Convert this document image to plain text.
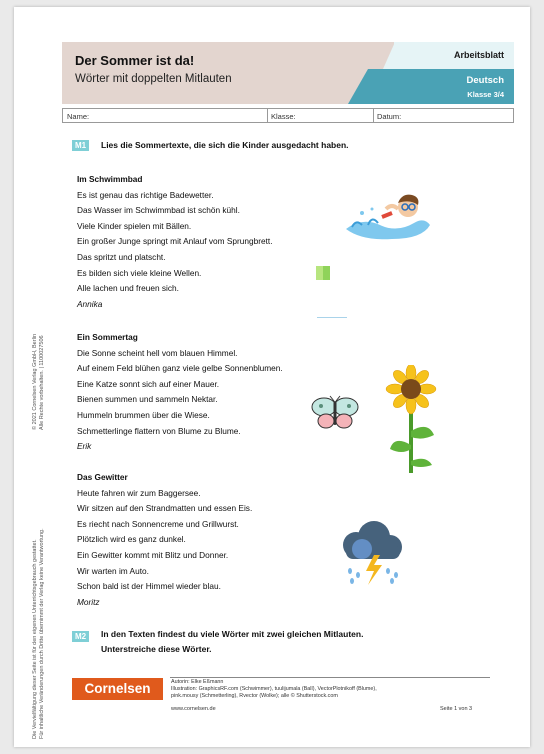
Der Sommer ist da!
Wörter mit doppelten Mitlauten
Arbeitsblatt
Deutsch
Klasse 3/4
Name:	Klasse:	Datum:
© 2021 Cornelsen Verlag GmbH, Berlin Alle Rechte vorbehalten. | 1100027506
Die Vervielfältigung dieser Seite ist für den eigenen Unterrichtsgebrauch gestattet. Für inhaltliche Veränderungen durch Dritte übernimmt der Verlag keine Verantwortung.
M1	Lies die Sommertexte, die sich die Kinder ausgedacht haben.
Im Schwimmbad
Es ist genau das richtige Badewetter.
Das Wasser im Schwimmbad ist schön kühl.
Viele Kinder spielen mit Bällen.
Ein großer Junge springt mit Anlauf vom Sprungbrett.
Das spritzt und platscht.
Es bilden sich viele kleine Wellen.
Alle lachen und freuen sich.
Annika
Ein Sommertag
Die Sonne scheint hell vom blauen Himmel.
Auf einem Feld blühen ganz viele gelbe Sonnenblumen.
Eine Katze sonnt sich auf einer Mauer.
Bienen summen und sammeln Nektar.
Hummeln brummen über die Wiese.
Schmetterlinge flattern von Blume zu Blume.
Erik
Das Gewitter
Heute fahren wir zum Baggersee.
Wir sitzen auf den Strandmatten und essen Eis.
Es riecht nach Sonnencreme und Grillwurst.
Plötzlich wird es ganz dunkel.
Ein Gewitter kommt mit Blitz und Donner.
Wir warten im Auto.
Schon bald ist der Himmel wieder blau.
Moritz
M2	In den Texten findest du viele Wörter mit zwei gleichen Mitlauten.
Unterstreiche diese Wörter.
Cornelsen	Autorin: Elke Eßmann
Illustration: GraphicsRF.com (Schwimmer), tuulijumala (Ball), VectorPlotnikoff (Blume),
pink.mousy (Schmetterling), Rvector (Wolke); alle © Shutterstock.com
www.cornelsen.de	Seite 1 von 3
